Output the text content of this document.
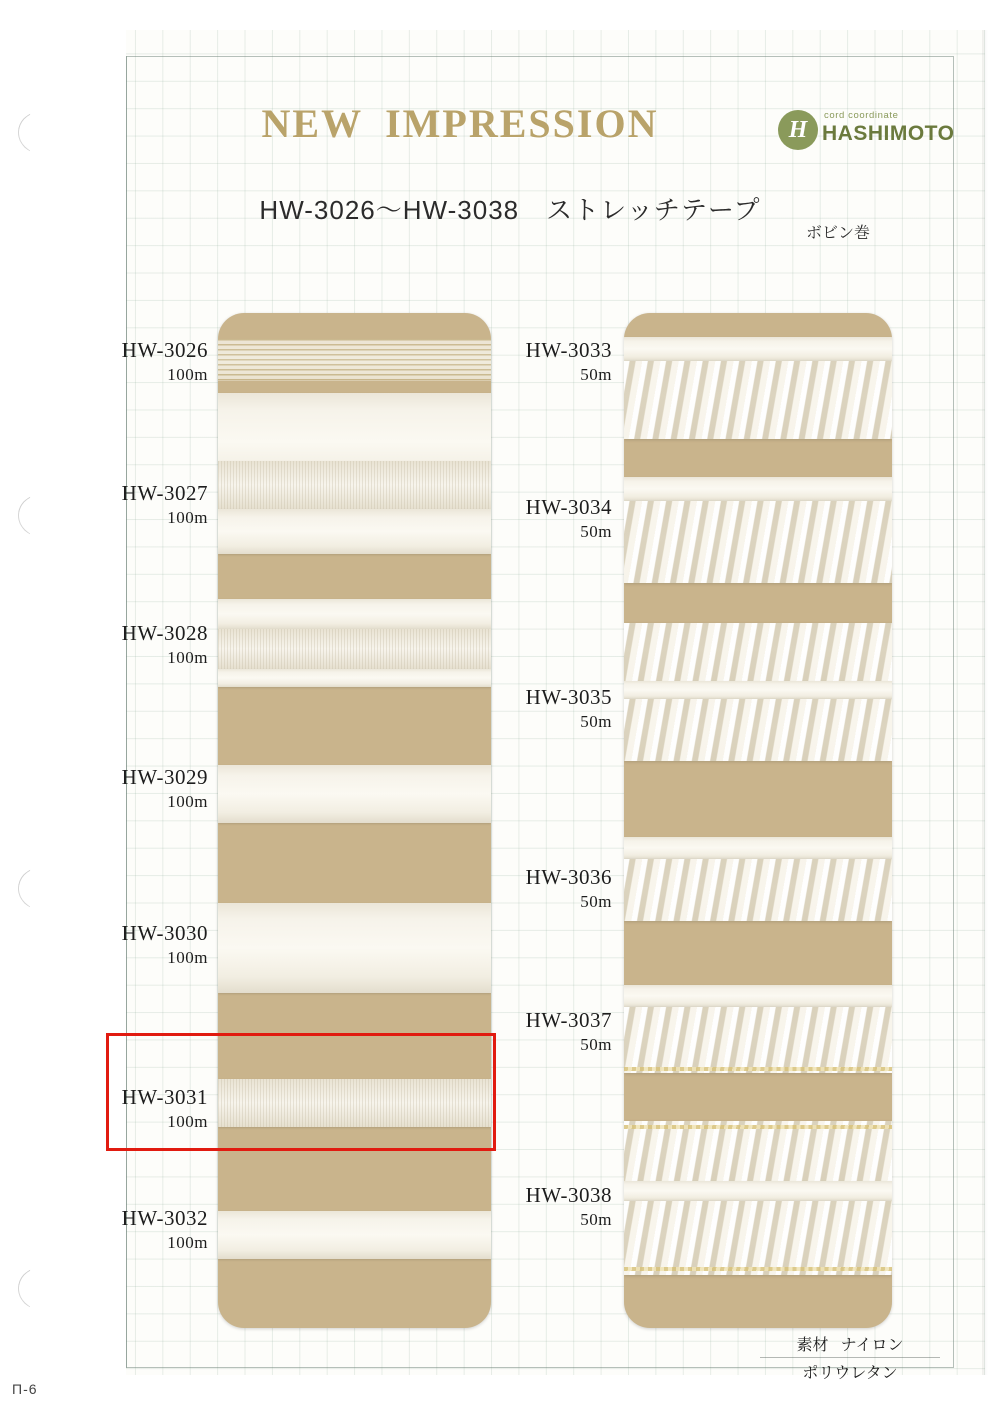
NEW IMPRESSION	H
cord coordinate
HASHIMOTO
HW-3026〜HW-3038　ストレッチテープ
ボビン巻
HW-3026
100m
HW-3027
100m
HW-3028
100m
HW-3029
100m
HW-3030
100m
HW-3031
100m
HW-3032
100m
HW-3033
50m
HW-3034
50m
HW-3035
50m
HW-3036
50m
HW-3037
50m
HW-3038
50m
素材 ナイロン
ポリウレタン
Π-6
